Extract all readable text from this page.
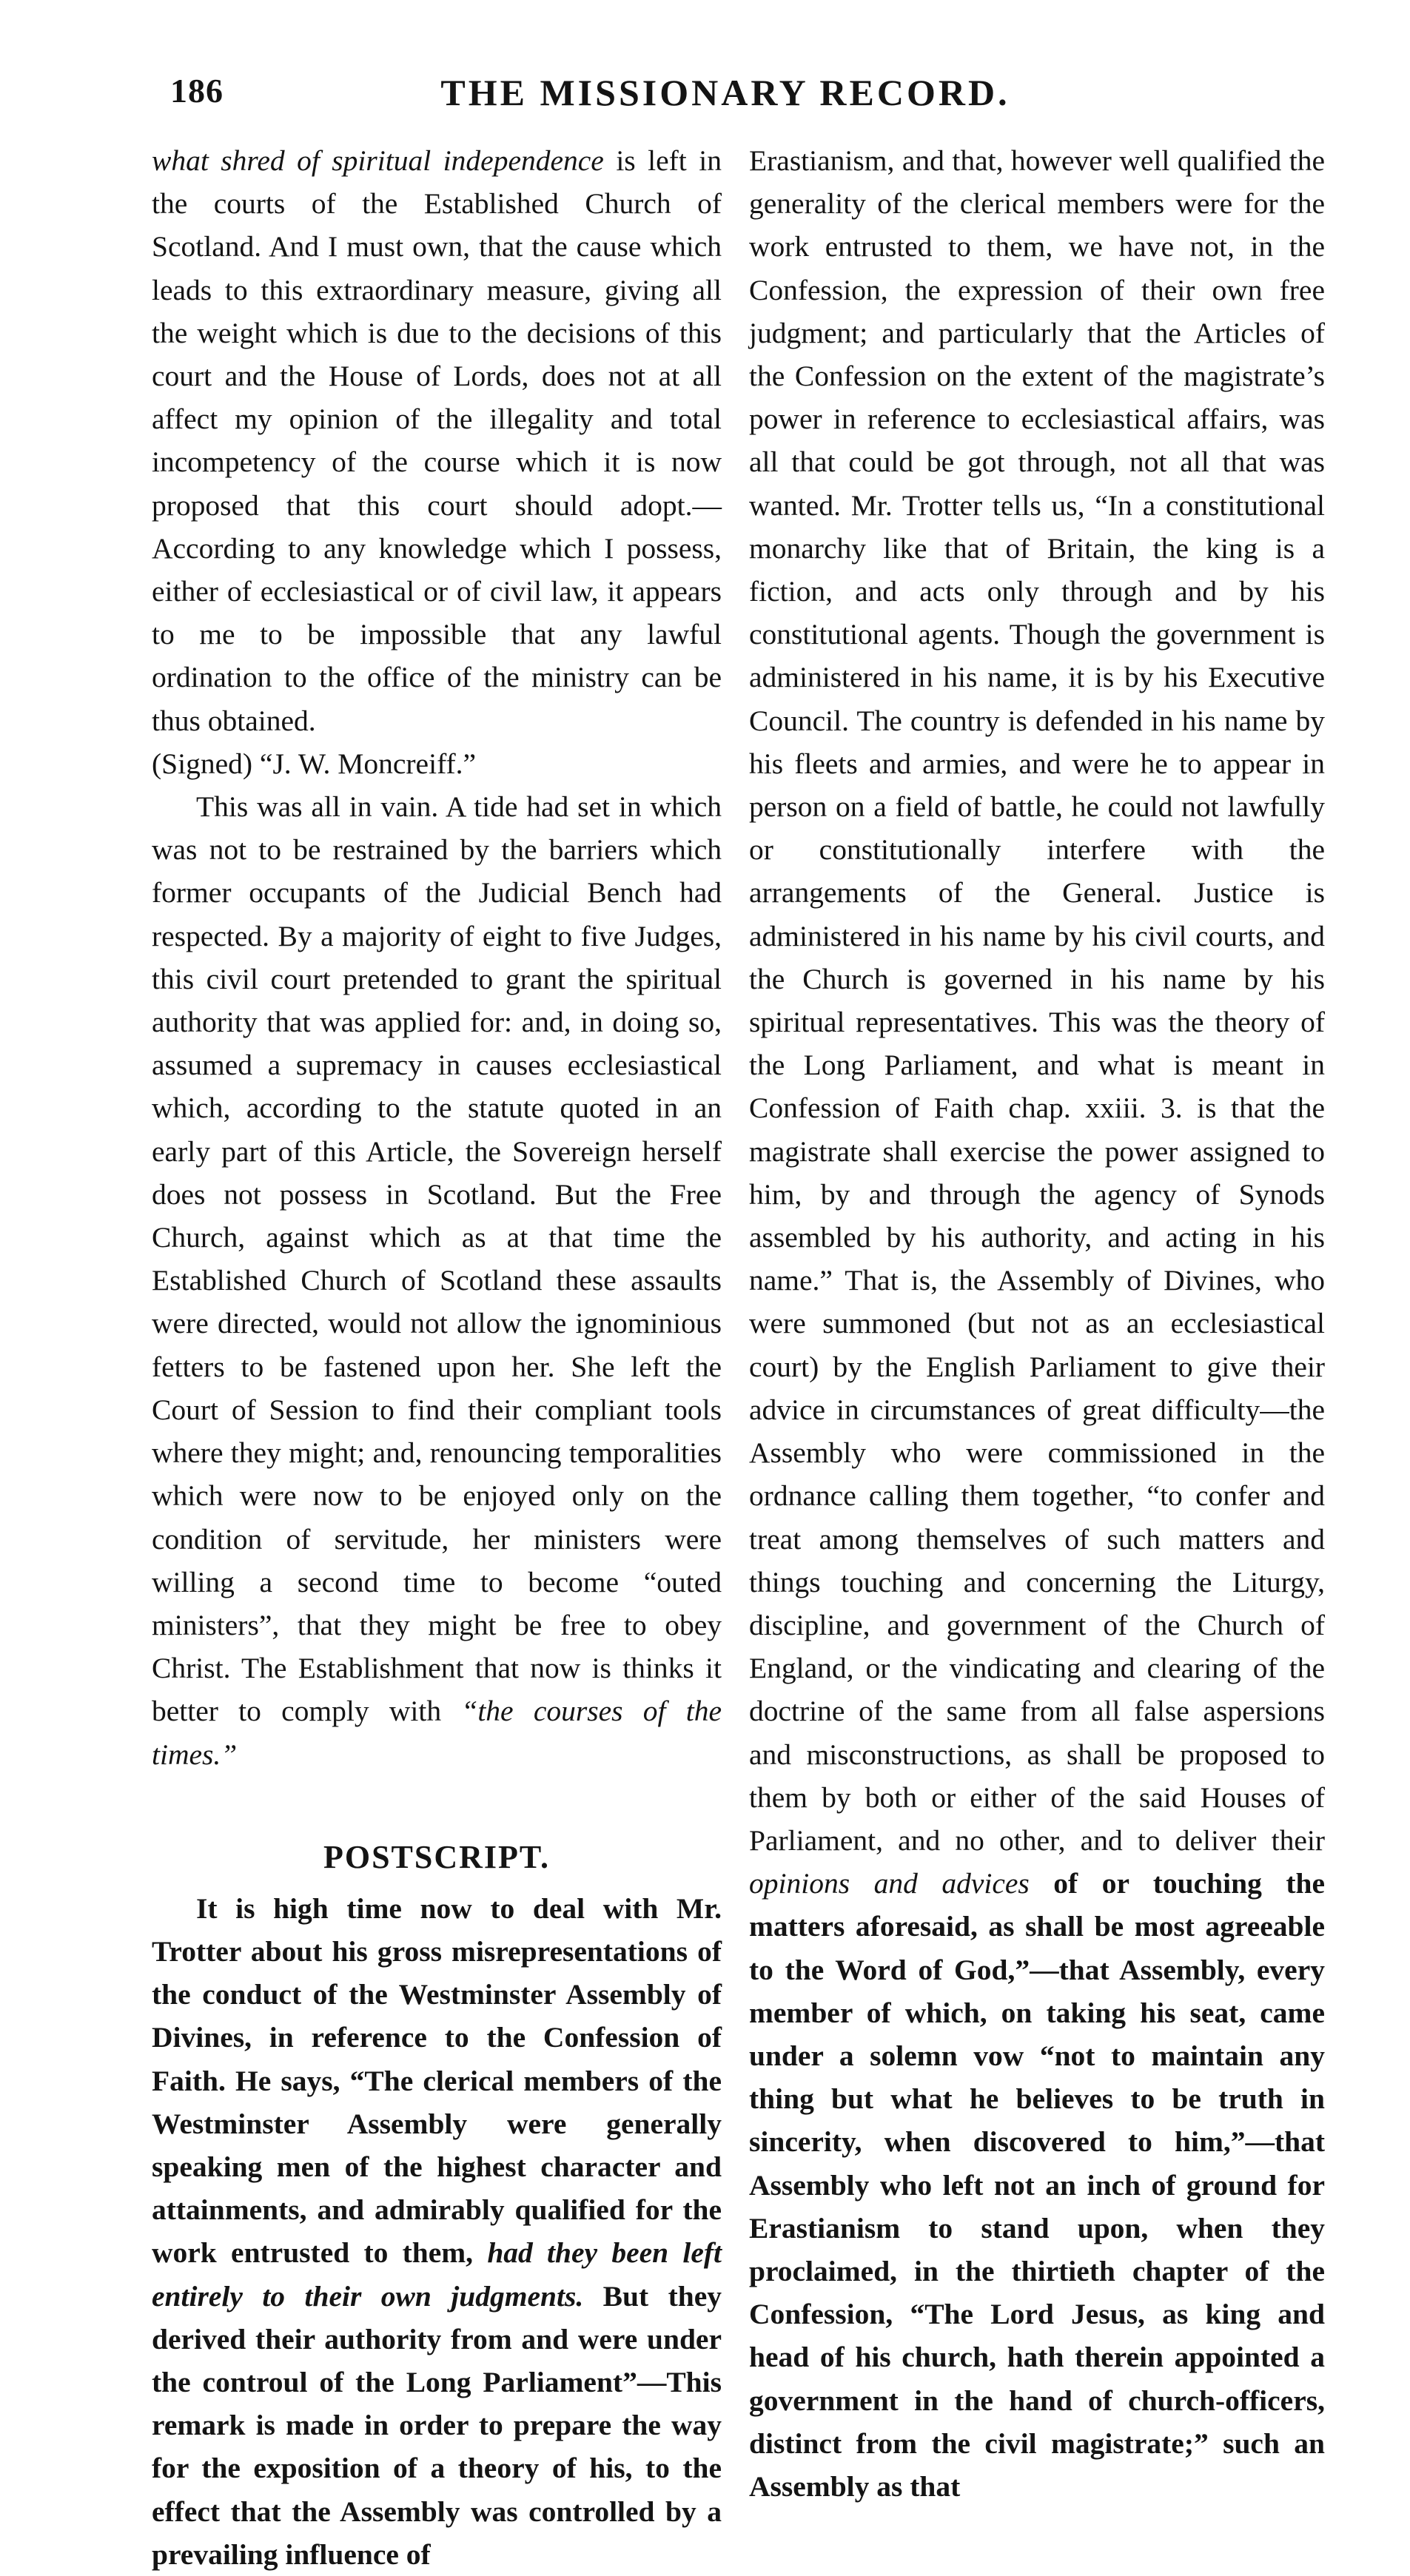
186	THE MISSIONARY RECORD.

what shred of spiritual independence is left in the courts of the Established Church of Scotland. And I must own, that the cause which leads to this extraordinary measure, giving all the weight which is due to the decisions of this court and the House of Lords, does not at all affect my opinion of the illegality and total incompetency of the course which it is now proposed that this court should adopt.—According to any knowledge which I possess, either of ecclesiastical or of civil law, it appears to me to be impossible that any lawful ordination to the office of the ministry can be thus obtained.

(Signed) “J. W. Moncreiff.”

This was all in vain. A tide had set in which was not to be restrained by the barriers which former occupants of the Judicial Bench had respected. By a majority of eight to five Judges, this civil court pretended to grant the spiritual authority that was applied for: and, in doing so, assumed a supremacy in causes ecclesiastical which, according to the statute quoted in an early part of this Article, the Sovereign herself does not possess in Scotland. But the Free Church, against which as at that time the Established Church of Scotland these assaults were directed, would not allow the ignominious fetters to be fastened upon her. She left the Court of Session to find their compliant tools where they might; and, renouncing temporalities which were now to be enjoyed only on the condition of servitude, her ministers were willing a second time to become “outed ministers”, that they might be free to obey Christ. The Establishment that now is thinks it better to comply with “the courses of the times.”

POSTSCRIPT.

It is high time now to deal with Mr. Trotter about his gross misrepresentations of the conduct of the Westminster Assembly of Divines, in reference to the Confession of Faith. He says, “The clerical members of the Westminster Assembly were generally speaking men of the highest character and attainments, and admirably qualified for the work entrusted to them, had they been left entirely to their own judgments. But they derived their authority from and were under the controul of the Long Parliament”—This remark is made in order to prepare the way for the exposition of a theory of his, to the effect that the Assembly was controlled by a prevailing influence of

Erastianism, and that, however well qualified the generality of the clerical members were for the work entrusted to them, we have not, in the Confession, the expression of their own free judgment; and particularly that the Articles of the Confession on the extent of the magistrate’s power in reference to ecclesiastical affairs, was all that could be got through, not all that was wanted. Mr. Trotter tells us, “In a constitutional monarchy like that of Britain, the king is a fiction, and acts only through and by his constitutional agents. Though the government is administered in his name, it is by his Executive Council. The country is defended in his name by his fleets and armies, and were he to appear in person on a field of battle, he could not lawfully or constitutionally interfere with the arrangements of the General. Justice is administered in his name by his civil courts, and the Church is governed in his name by his spiritual representatives. This was the theory of the Long Parliament, and what is meant in Confession of Faith chap. xxiii. 3. is that the magistrate shall exercise the power assigned to him, by and through the agency of Synods assembled by his authority, and acting in his name.” That is, the Assembly of Divines, who were summoned (but not as an ecclesiastical court) by the English Parliament to give their advice in circumstances of great difficulty—the Assembly who were commissioned in the ordnance calling them together, “to confer and treat among themselves of such matters and things touching and concerning the Liturgy, discipline, and government of the Church of England, or the vindicating and clearing of the doctrine of the same from all false aspersions and misconstructions, as shall be proposed to them by both or either of the said Houses of Parliament, and no other, and to deliver their opinions and advices of or touching the matters aforesaid, as shall be most agreeable to the Word of God,”—that Assembly, every member of which, on taking his seat, came under a solemn vow “not to maintain any thing but what he believes to be truth in sincerity, when discovered to him,”—that Assembly who left not an inch of ground for Erastianism to stand upon, when they proclaimed, in the thirtieth chapter of the Confession, “The Lord Jesus, as king and head of his church, hath therein appointed a government in the hand of church-officers, distinct from the civil magistrate;” such an Assembly as that
